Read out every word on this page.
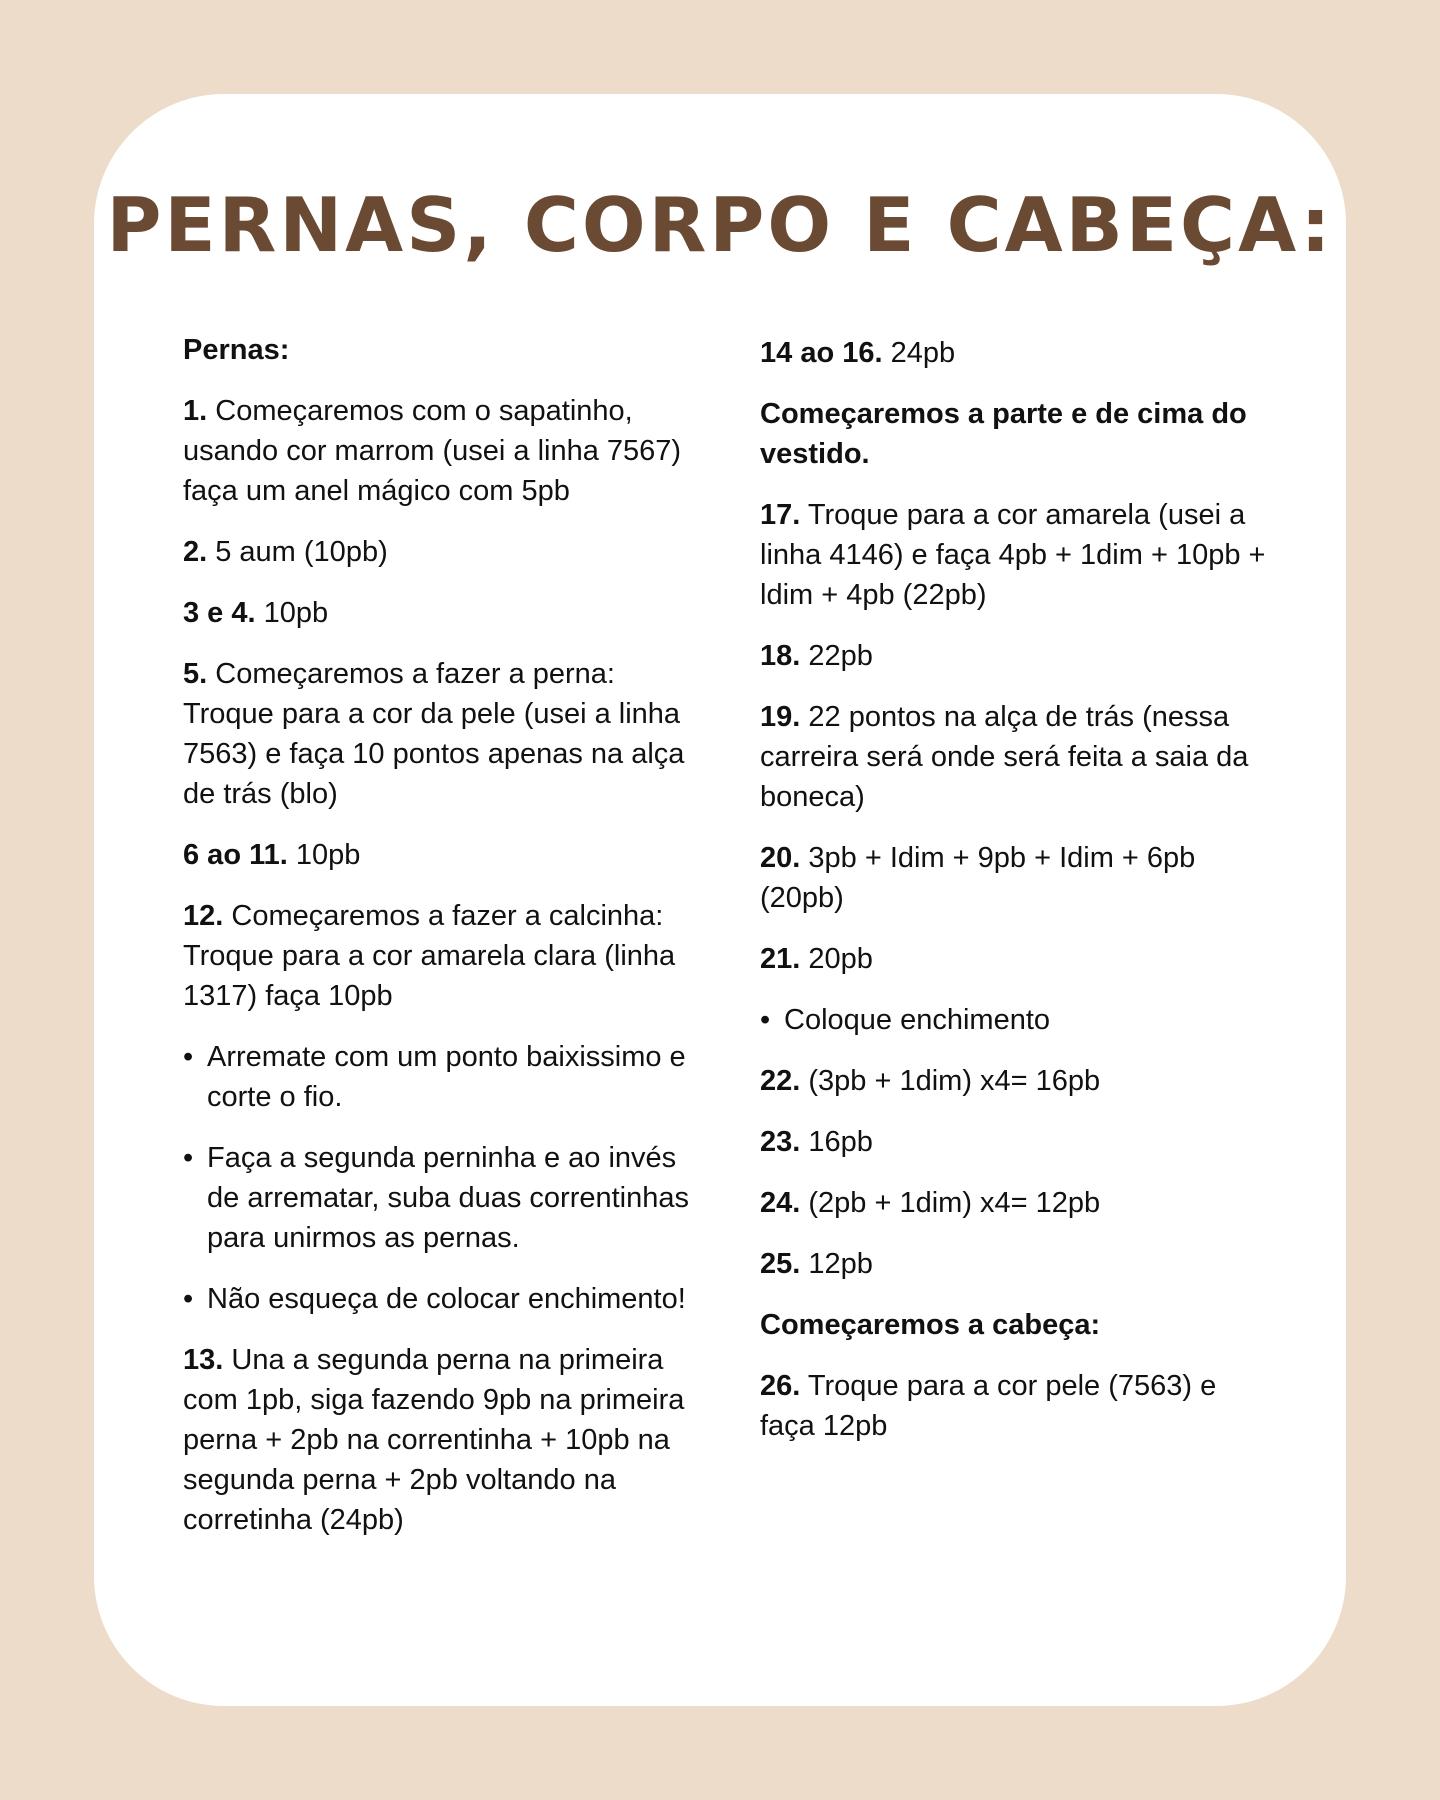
PERNAS, CORPO E CABEÇA:

Pernas:

1. Começaremos com o sapatinho, usando cor marrom (usei a linha 7567) faça um anel mágico com 5pb

2. 5 aum (10pb)

3 e 4. 10pb

5. Começaremos a fazer a perna: Troque para a cor da pele (usei a linha 7563) e faça 10 pontos apenas na alça de trás (blo)

6 ao 11. 10pb

12. Começaremos a fazer a calcinha: Troque para a cor amarela clara (linha 1317) faça 10pb

• Arremate com um ponto baixissimo e corte o fio.
• Faça a segunda perninha e ao invés de arrematar, suba duas correntinhas para unirmos as pernas.
• Não esqueça de colocar enchimento!

13. Una a segunda perna na primeira com 1pb, siga fazendo 9pb na primeira perna + 2pb na correntinha + 10pb na segunda perna + 2pb voltando na corretinha (24pb)

14 ao 16. 24pb

Começaremos a parte e de cima do vestido.

17. Troque para a cor amarela (usei a linha 4146) e faça 4pb + 1dim + 10pb + ldim + 4pb (22pb)

18. 22pb

19. 22 pontos na alça de trás (nessa carreira será onde será feita a saia da boneca)

20. 3pb + Idim + 9pb + Idim + 6pb (20pb)

21. 20pb

• Coloque enchimento

22. (3pb + 1dim) x4= 16pb

23. 16pb

24. (2pb + 1dim) x4= 12pb

25. 12pb

Começaremos a cabeça:

26. Troque para a cor pele (7563) e faça 12pb
